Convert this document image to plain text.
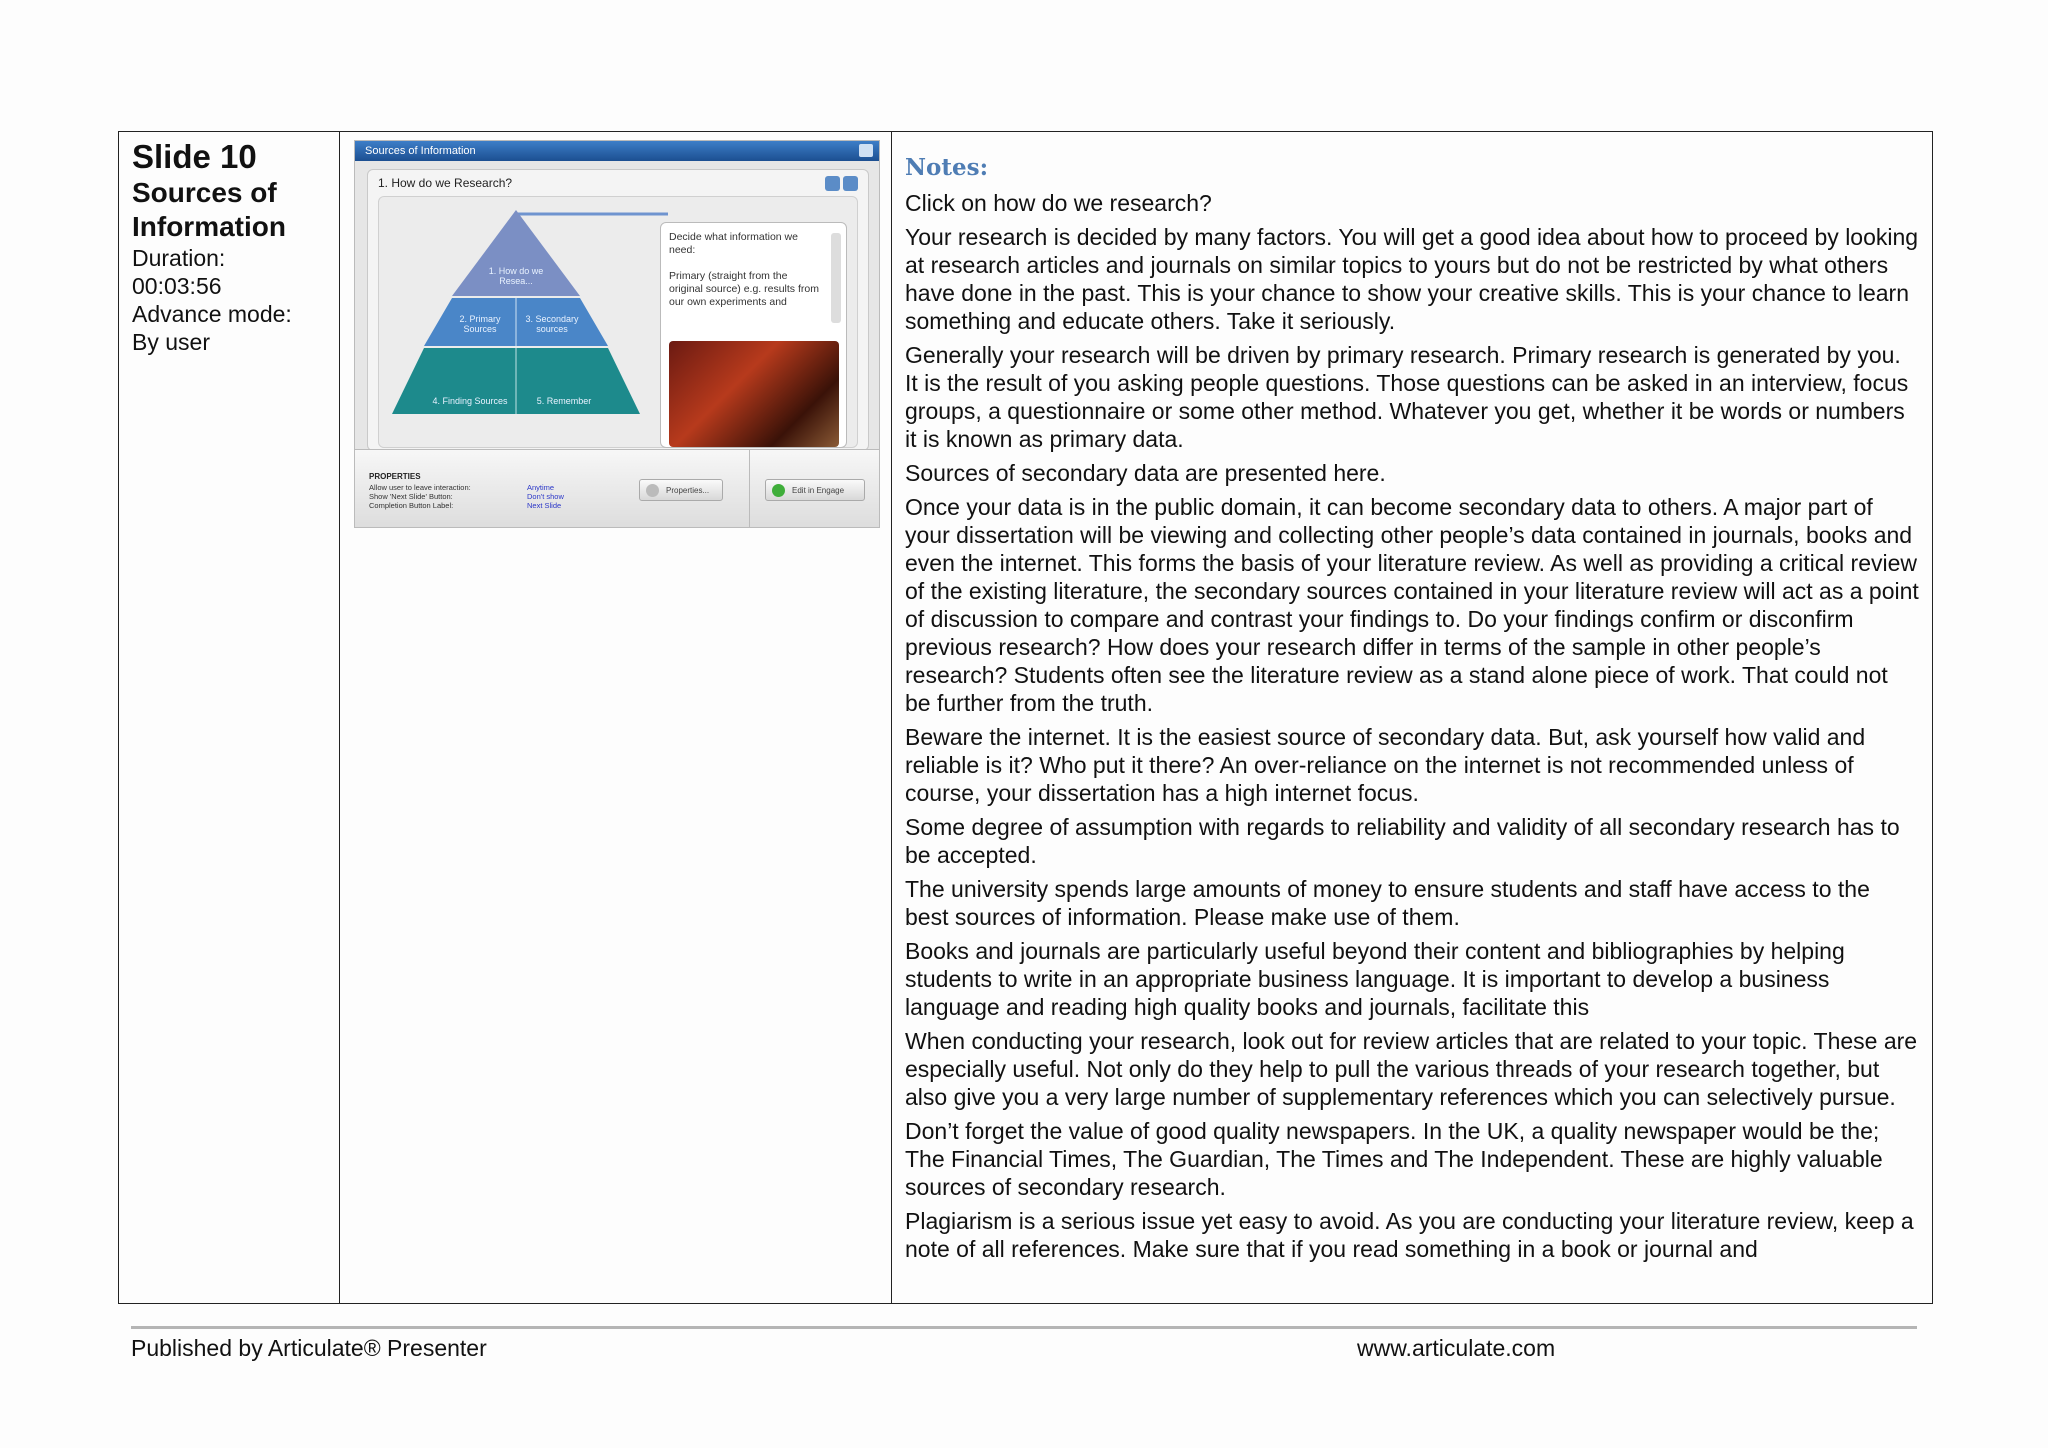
Slide 10
Sources of Information
Duration:
00:03:56
Advance mode:
By user
Sources of Information
1. How do we Research?
1. How do we Resea...
2. Primary Sources
3. Secondary sources
4. Finding Sources	5. Remember
Decide what information we need:

Primary (straight from the original source) e.g. results from our own experiments and
PROPERTIES
Allow user to leave interaction:	Anytime
Show 'Next Slide' Button:	Don't show
Completion Button Label:	Next Slide
Properties...	Edit in Engage
Notes:

Click on how do we research?

Your research is decided by many factors. You will get a good idea about how to proceed by looking at research articles and journals on similar topics to yours but do not be restricted by what others have done in the past. This is your chance to show your creative skills. This is your chance to learn something and educate others. Take it seriously.

Generally your research will be driven by primary research. Primary research is generated by you. It is the result of you asking people questions. Those questions can be asked in an interview, focus groups, a questionnaire or some other method. Whatever you get, whether it be words or numbers it is known as primary data.

Sources of secondary data are presented here.

Once your data is in the public domain, it can become secondary data to others. A major part of your dissertation will be viewing and collecting other people’s data contained in journals, books and even the internet. This forms the basis of your literature review. As well as providing a critical review of the existing literature, the secondary sources contained in your literature review will act as a point of discussion to compare and contrast your findings to. Do your findings confirm or disconfirm previous research? How does your research differ in terms of the sample in other people’s research? Students often see the literature review as a stand alone piece of work. That could not be further from the truth.

Beware the internet. It is the easiest source of secondary data. But, ask yourself how valid and reliable is it? Who put it there? An over-reliance on the internet is not recommended unless of course, your dissertation has a high internet focus.

Some degree of assumption with regards to reliability and validity of all secondary research has to be accepted.

The university spends large amounts of money to ensure students and staff have access to the best sources of information. Please make use of them.

Books and journals are particularly useful beyond their content and bibliographies by helping students to write in an appropriate business language. It is important to develop a business language and reading high quality books and journals, facilitate this

When conducting your research, look out for review articles that are related to your topic. These are especially useful. Not only do they help to pull the various threads of your research together, but also give you a very large number of supplementary references which you can selectively pursue.

Don’t forget the value of good quality newspapers. In the UK, a quality newspaper would be the; The Financial Times, The Guardian, The Times and The Independent. These are highly valuable sources of secondary research.

Plagiarism is a serious issue yet easy to avoid. As you are conducting your literature review, keep a note of all references. Make sure that if you read something in a book or journal and

Published by Articulate® Presenter	www.articulate.com
